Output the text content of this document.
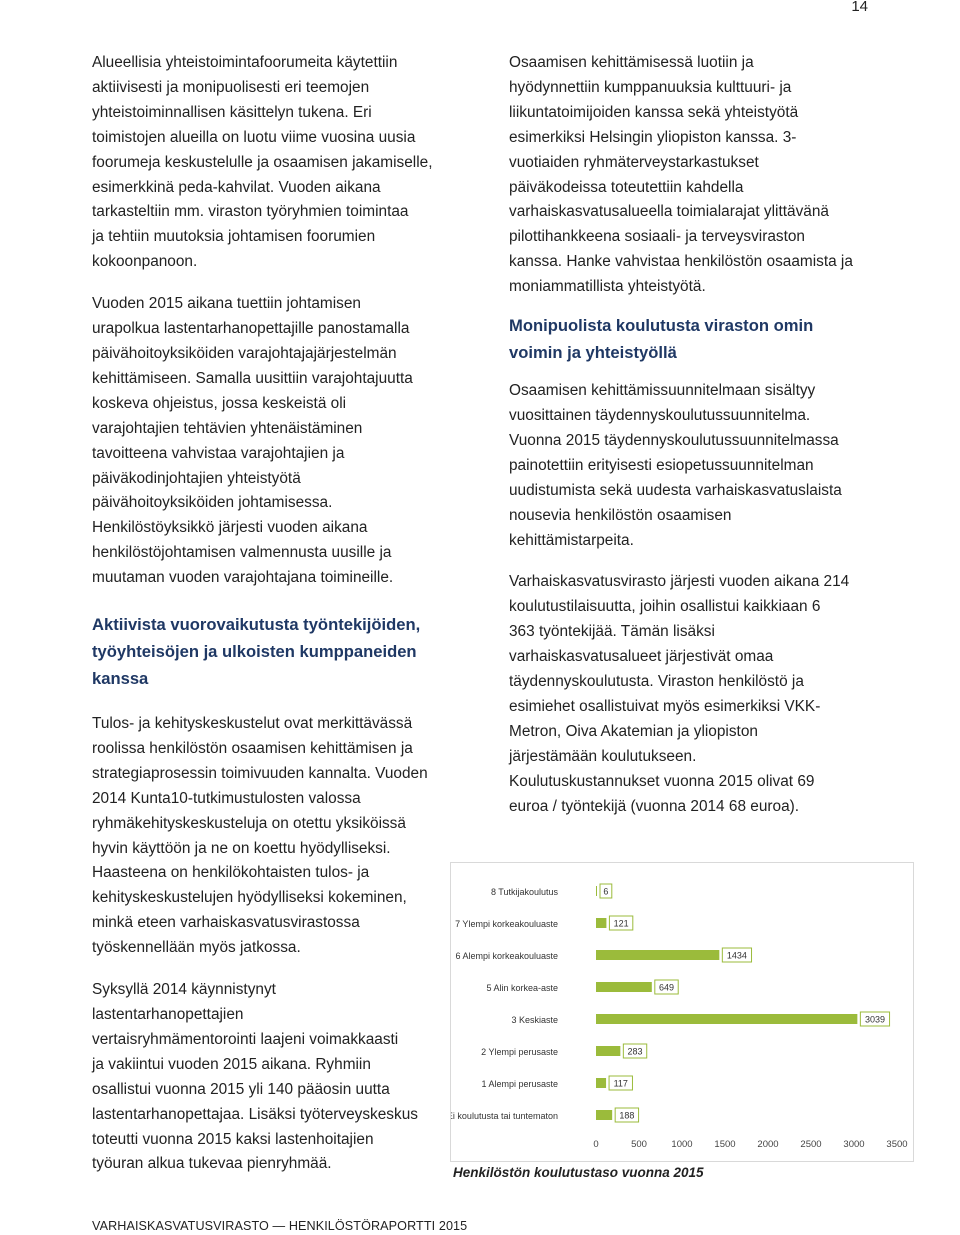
14

Alueellisia yhteistoimintafoorumeita käytettiin
aktiivisesti ja monipuolisesti eri teemojen
yhteistoiminnallisen käsittelyn tukena. Eri
toimistojen alueilla on luotu viime vuosina uusia
foorumeja keskustelulle ja osaamisen jakamiselle,
esimerkkinä peda-kahvilat. Vuoden aikana
tarkasteltiin mm. viraston työryhmien toimintaa
ja tehtiin muutoksia johtamisen foorumien
kokoonpanoon.

Vuoden 2015 aikana tuettiin johtamisen
urapolkua lastentarhanopettajille panostamalla
päivähoitoyksiköiden varajohtajajärjestelmän
kehittämiseen. Samalla uusittiin varajohtajuutta
koskeva ohjeistus, jossa keskeistä oli
varajohtajien tehtävien yhtenäistäminen
tavoitteena vahvistaa varajohtajien ja
päiväkodinjohtajien yhteistyötä
päivähoitoyksiköiden johtamisessa.
Henkilöstöyksikkö järjesti vuoden aikana
henkilöstöjohtamisen valmennusta uusille ja
muutaman vuoden varajohtajana toimineille.

Aktiivista vuorovaikutusta työntekijöiden,
työyhteisöjen ja ulkoisten kumppaneiden
kanssa

Tulos- ja kehityskeskustelut ovat merkittävässä
roolissa henkilöstön osaamisen kehittämisen ja
strategiaprosessin toimivuuden kannalta. Vuoden
2014 Kunta10-tutkimustulosten valossa
ryhmäkehityskeskusteluja on otettu yksiköissä
hyvin käyttöön ja ne on koettu hyödylliseksi.
Haasteena on henkilökohtaisten tulos- ja
kehityskeskustelujen hyödylliseksi kokeminen,
minkä eteen varhaiskasvatusvirastossa
työskennellään myös jatkossa.

Syksyllä 2014 käynnistynyt
lastentarhanopettajien
vertaisryhmämentorointi laajeni voimakkaasti
ja vakiintui vuoden 2015 aikana. Ryhmiin
osallistui vuonna 2015 yli 140 pääosin uutta
lastentarhanopettajaa. Lisäksi työterveyskeskus
toteutti vuonna 2015 kaksi lastenhoitajien
työuran alkua tukevaa pienryhmää.

Osaamisen kehittämisessä luotiin ja
hyödynnettiin kumppanuuksia kulttuuri- ja
liikuntatoimijoiden kanssa sekä yhteistyötä
esimerkiksi Helsingin yliopiston kanssa. 3-
vuotiaiden ryhmäterveystarkastukset
päiväkodeissa toteutettiin kahdella
varhaiskasvatusalueella toimialarajat ylittävänä
pilottihankkeena sosiaali- ja terveysviraston
kanssa. Hanke vahvistaa henkilöstön osaamista ja
moniammatillista yhteistyötä.

Monipuolista koulutusta viraston omin
voimin ja yhteistyöllä

Osaamisen kehittämissuunnitelmaan sisältyy
vuosittainen täydennyskoulutussuunnitelma.
Vuonna 2015 täydennyskoulutussuunnitelmassa
painotettiin erityisesti esiopetussuunnitelman
uudistumista sekä uudesta varhaiskasvatuslaista
nousevia henkilöstön osaamisen
kehittämistarpeita.

Varhaiskasvatusvirasto järjesti vuoden aikana 214
koulutustilaisuutta, joihin osallistui kaikkiaan 6
363 työntekijää. Tämän lisäksi
varhaiskasvatusalueet järjestivät omaa
täydennyskoulutusta. Viraston henkilöstö ja
esimiehet osallistuivat myös esimerkiksi VKK-
Metron, Oiva Akatemian ja yliopiston
järjestämään koulutukseen.
Koulutuskustannukset vuonna 2015 olivat 69
euroa / työntekijä (vuonna 2014 68 euroa).

8 Tutkijakoulutus	6
7 Ylempi korkeakouluaste	121
6 Alempi korkeakouluaste	1434
5 Alin korkea-aste	649
3 Keskiaste	3039
2 Ylempi perusaste	283
1 Alempi perusaste	117
0 Ei koulutusta tai tuntematon	188
0	500	1000 1500 2000 2500 3000 3500
Henkilöstön koulutustaso vuonna 2015
VARHAISKASVATUSVIRASTO — HENKILÖSTÖRAPORTTI 2015
